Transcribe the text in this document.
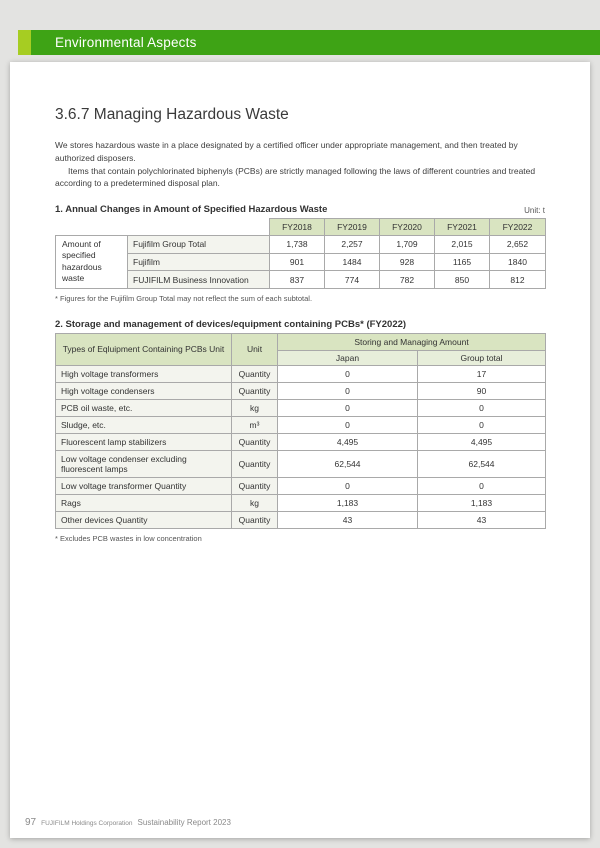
Environmental Aspects
3.6.7 Managing Hazardous Waste

We stores hazardous waste in a place designated by a certified officer under appropriate management, and then treated by authorized disposers.

Items that contain polychlorinated biphenyls (PCBs) are strictly managed following the laws of different countries and treated according to a predetermined disposal plan.

1. Annual Changes in Amount of Specified Hazardous Waste	Unit: t
		FY2018	FY2019	FY2020	FY2021	FY2022
Amount of specified hazardous waste	Fujifilm Group Total	1,738	2,257	1,709	2,015	2,652
	Fujifilm	901	1484	928	1165	1840
	FUJIFILM Business Innovation	837	774	782	850	812
* Figures for the Fujifilm Group Total may not reflect the sum of each subtotal.
2. Storage and management of devices/equipment containing PCBs* (FY2022)
Types of Eqluipment Containing PCBs Unit	Unit	Storing and Managing Amount	
		Japan	Group total
High voltage transformers	Quantity	0	17
High voltage condensers	Quantity	0	90
PCB oil waste, etc.	kg	0	0
Sludge, etc.	m³	0	0
Fluorescent lamp stabilizers	Quantity	4,495	4,495
Low voltage condenser excluding fluorescent lamps	Quantity	62,544	62,544
Low voltage transformer Quantity	Quantity	0	0
Rags	kg	1,183	1,183
Other devices Quantity	Quantity	43	43
* Excludes PCB wastes in low concentration
97 FUJIFILM Holdings Corporation Sustainability Report 2023
